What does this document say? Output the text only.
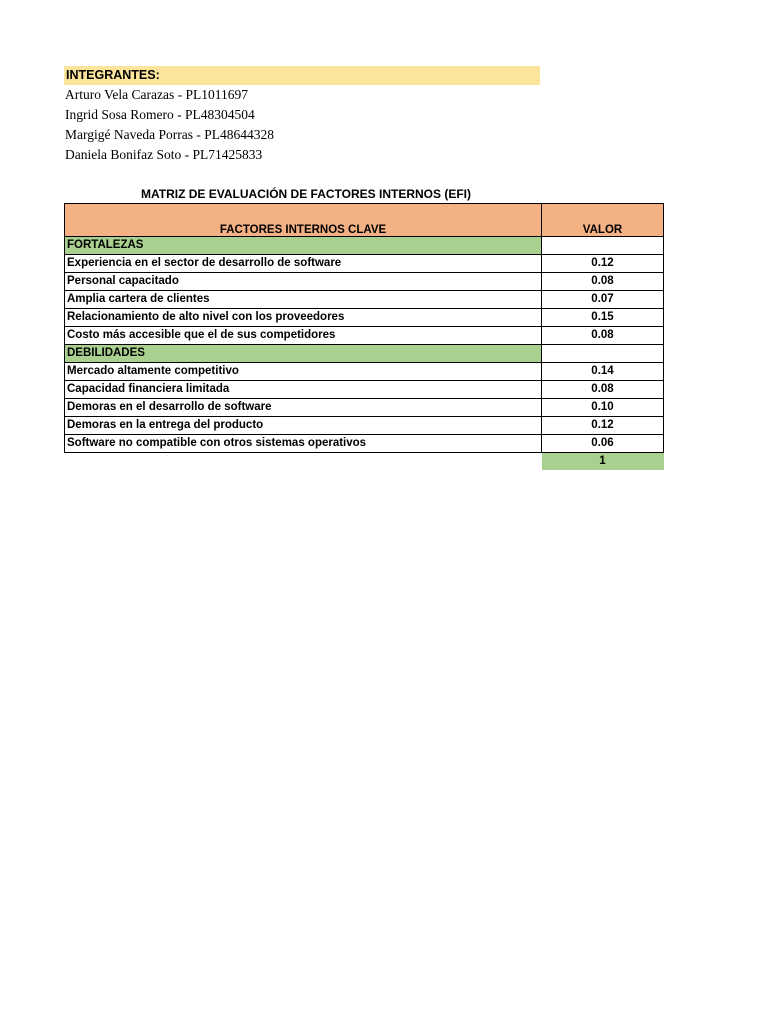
INTEGRANTES:
Arturo Vela Carazas - PL1011697
Ingrid Sosa Romero - PL48304504
Margigé Naveda Porras - PL48644328
Daniela Bonifaz Soto - PL71425833
MATRIZ DE EVALUACIÓN DE FACTORES INTERNOS (EFI)
FACTORES INTERNOS CLAVE	VALOR
FORTALEZAS	
Experiencia en el sector de desarrollo de software	0.12
Personal capacitado	0.08
Amplia cartera de clientes	0.07
Relacionamiento de alto nivel con los proveedores	0.15
Costo más accesible que el de sus competidores	0.08
DEBILIDADES	
Mercado altamente competitivo	0.14
Capacidad financiera limitada	0.08
Demoras en el desarrollo de software	0.10
Demoras en la entrega del producto	0.12
Software no compatible con otros sistemas operativos	0.06
	1
